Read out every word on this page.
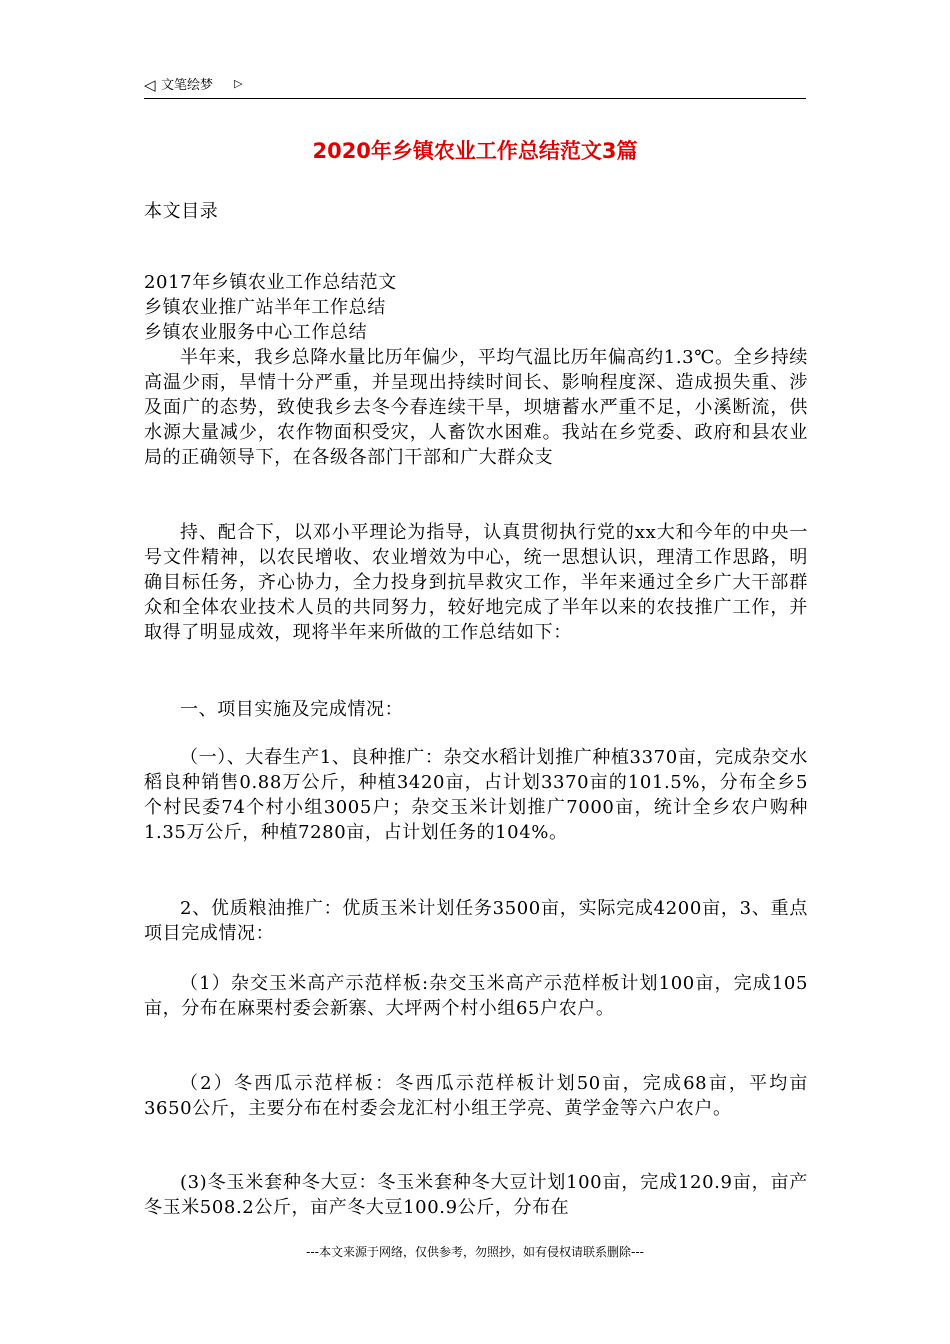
◁ 文笔绘梦 ▷
2020年乡镇农业工作总结范文3篇
本文目录
2017年乡镇农业工作总结范文
乡镇农业推广站半年工作总结
乡镇农业服务中心工作总结

半年来，我乡总降水量比历年偏少，平均气温比历年偏高约1.3℃。全乡持续高温少雨，旱情十分严重，并呈现出持续时间长、影响程度深、造成损失重、涉及面广的态势，致使我乡去冬今春连续干旱，坝塘蓄水严重不足，小溪断流，供水源大量减少，农作物面积受灾，人畜饮水困难。我站在乡党委、政府和县农业局的正确领导下，在各级各部门干部和广大群众支

持、配合下，以邓小平理论为指导，认真贯彻执行党的xx大和今年的中央一号文件精神，以农民增收、农业增效为中心，统一思想认识，理清工作思路，明确目标任务，齐心协力，全力投身到抗旱救灾工作，半年来通过全乡广大干部群众和全体农业技术人员的共同努力，较好地完成了半年以来的农技推广工作，并取得了明显成效，现将半年来所做的工作总结如下：

一、项目实施及完成情况：

（一）、大春生产1、良种推广：杂交水稻计划推广种植3370亩，完成杂交水稻良种销售0.88万公斤，种植3420亩，占计划3370亩的101.5%，分布全乡5个村民委74个村小组3005户；杂交玉米计划推广7000亩，统计全乡农户购种1.35万公斤，种植7280亩，占计划任务的104%。

2、优质粮油推广：优质玉米计划任务3500亩，实际完成4200亩，3、重点项目完成情况：

（1）杂交玉米高产示范样板:杂交玉米高产示范样板计划100亩，完成105亩，分布在麻栗村委会新寨、大坪两个村小组65户农户。

（2）冬西瓜示范样板：冬西瓜示范样板计划50亩，完成68亩，平均亩3650公斤，主要分布在村委会龙汇村小组王学亮、黄学金等六户农户。

(3)冬玉米套种冬大豆：冬玉米套种冬大豆计划100亩，完成120.9亩，亩产冬玉米508.2公斤，亩产冬大豆100.9公斤，分布在

---本文来源于网络，仅供参考，勿照抄，如有侵权请联系删除---
